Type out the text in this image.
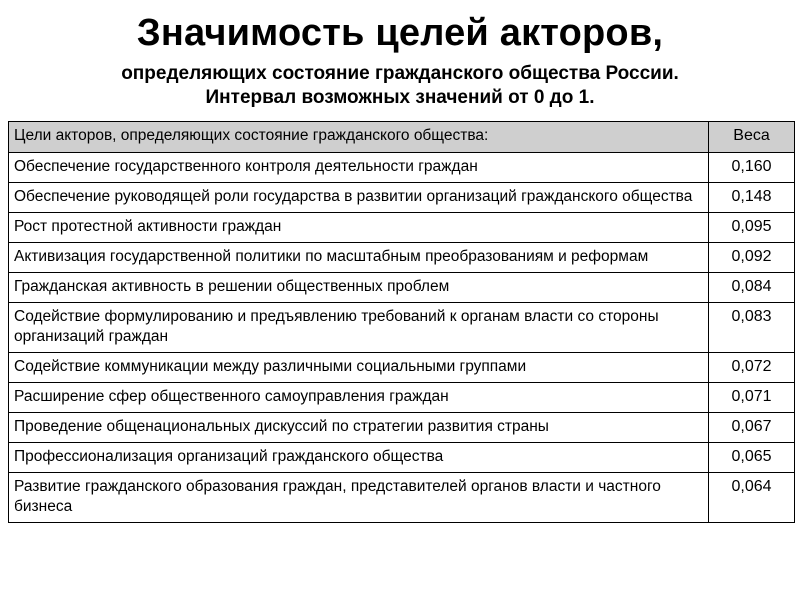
Значимость целей акторов,
определяющих состояние гражданского общества России.
Интервал возможных значений от 0 до 1.
Цели акторов, определяющих состояние гражданского общества:	Веса
Обеспечение государственного контроля деятельности граждан	0,160
Обеспечение руководящей роли государства в развитии организаций гражданского общества	0,148
Рост протестной активности граждан	0,095
Активизация государственной политики по масштабным преобразованиям и реформам	0,092
Гражданская активность в решении общественных проблем	0,084
Содействие формулированию и предъявлению требований к органам власти со стороны организаций граждан	0,083
Содействие коммуникации между различными социальными группами	0,072
Расширение сфер общественного самоуправления граждан	0,071
Проведение общенациональных дискуссий по стратегии развития страны	0,067
Профессионализация организаций гражданского общества	0,065
Развитие гражданского образования граждан, представителей органов власти и частного бизнеса	0,064
